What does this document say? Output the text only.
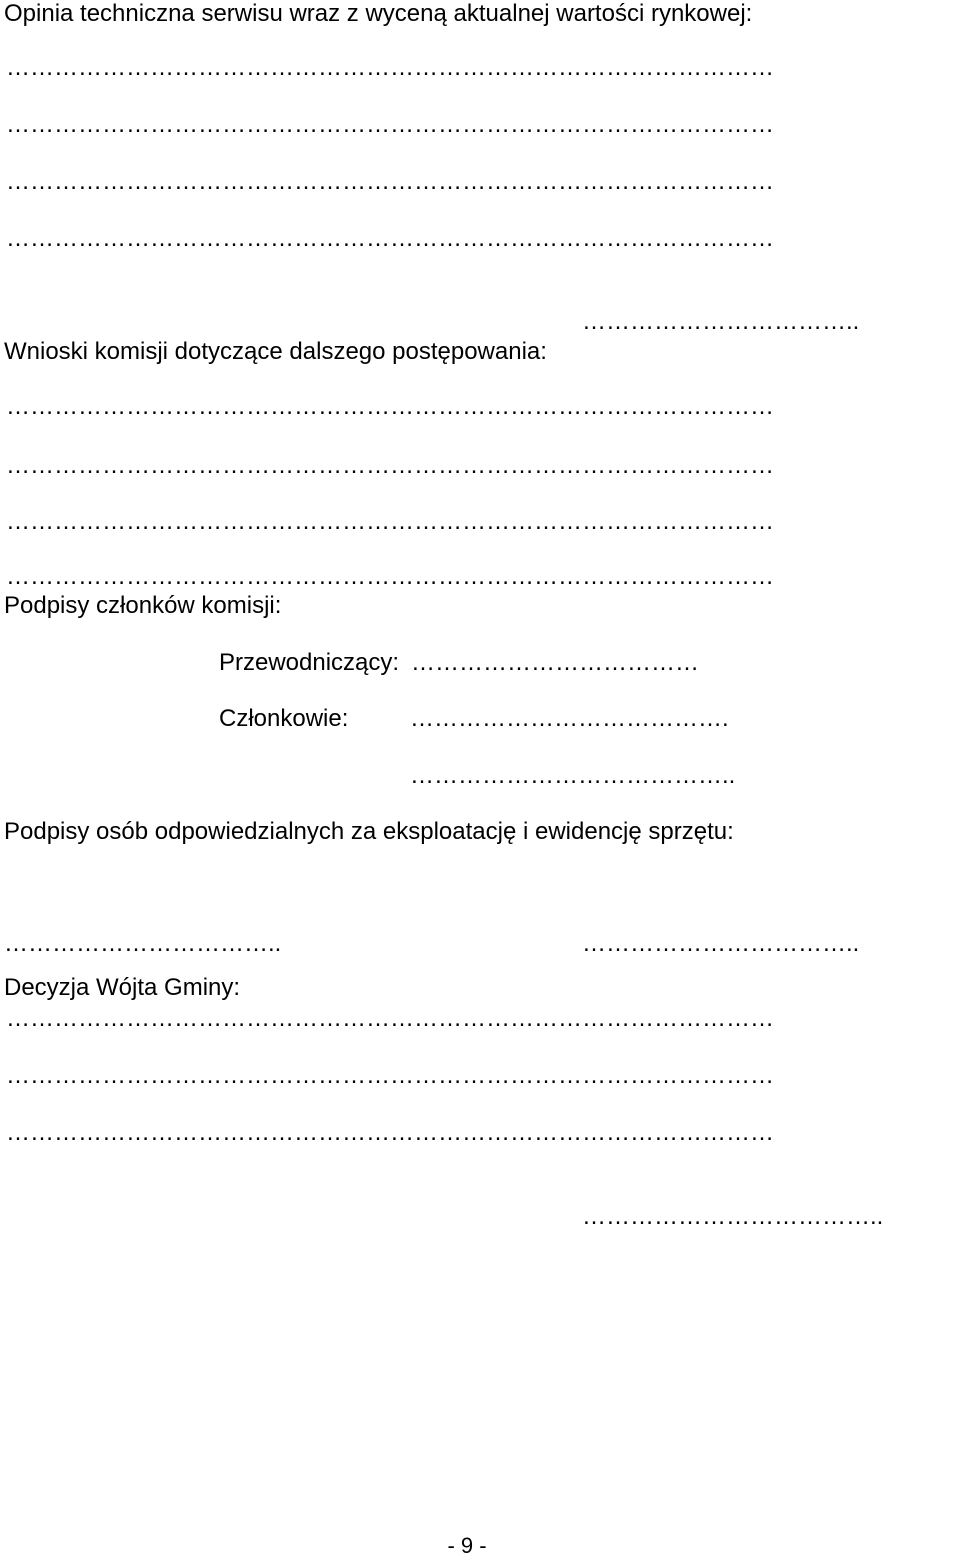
Opinia techniczna serwisu wraz z wyceną aktualnej wartości rynkowej:

……………………………………………………………………………………
……………………………………………………………………………………
……………………………………………………………………………………
……………………………………………………………………………………

……………………………..

Wnioski komisji dotyczące dalszego postępowania:

……………………………………………………………………………………
……………………………………………………………………………………
……………………………………………………………………………………
……………………………………………………………………………………

Podpisy członków komisji:

Przewodniczący: ………………………………

Członkowie:	………………………………….

…………………………………..

Podpisy osób odpowiedzialnych za eksploatację i ewidencję sprzętu:

……………………………..	……………………………..

Decyzja Wójta Gminy:

……………………………………………………………………………………
……………………………………………………………………………………
……………………………………………………………………………………

………………………………..

- 9 -
